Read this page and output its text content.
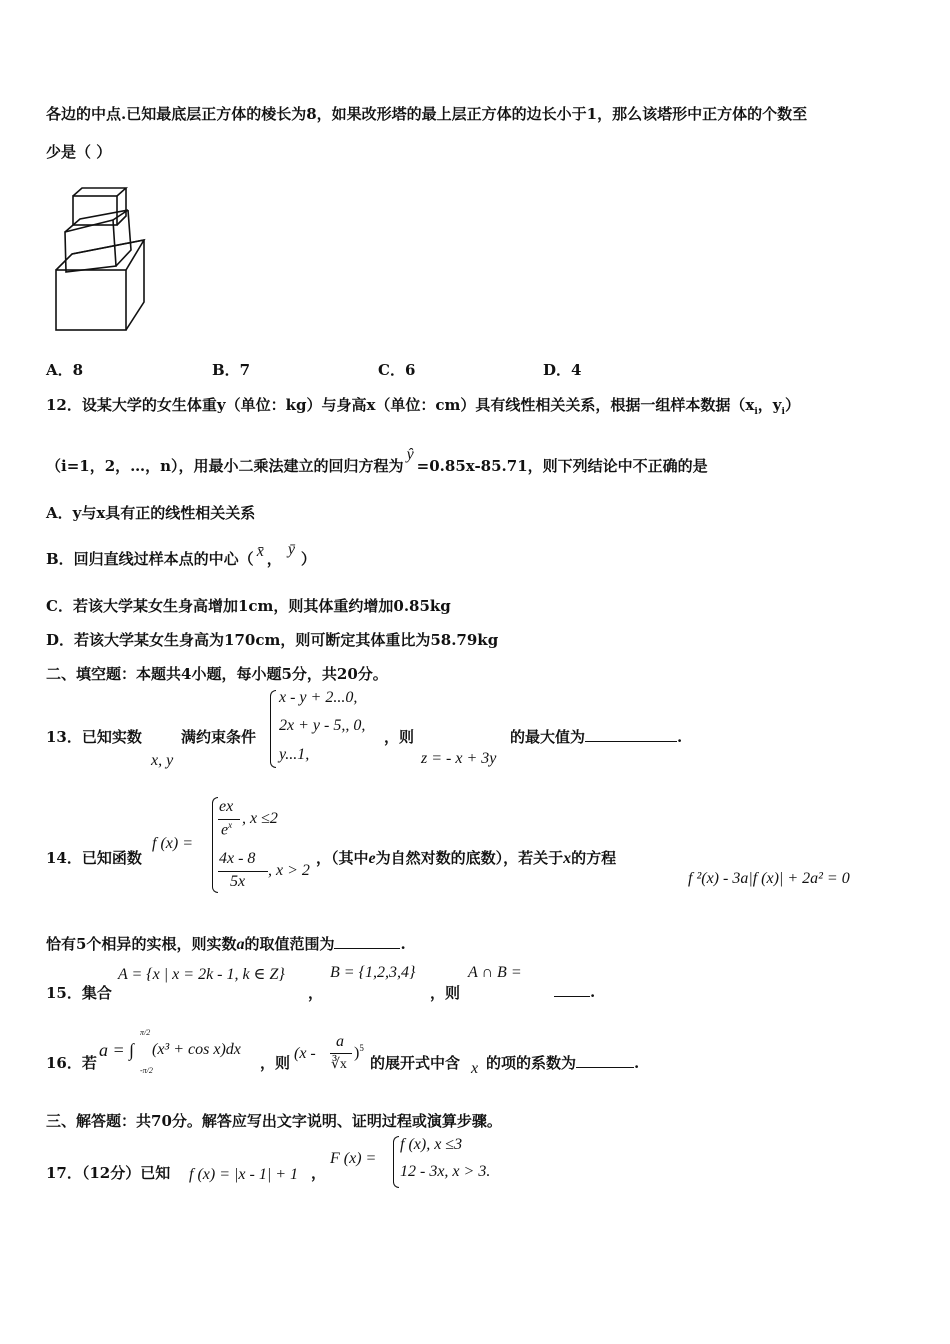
各边的中点.已知最底层正方体的棱长为8，如果改形塔的最上层正方体的边长小于1，那么该塔形中正方体的个数至
少是（ ）
A．8	B．7	C．6	D．4
12．设某大学的女生体重y（单位：kg）与身高x（单位：cm）具有线性相关关系，根据一组样本数据（$x_i$，$y_i$）
（i=1，2，…，n），用最小二乘法建立的回归方程为ŷ=0.85x-85.71，则下列结论中不正确的是
A．y与x具有正的线性相关关系
B．回归直线过样本点的中心（ x̄ ，ȳ）
C．若该大学某女生身高增加1cm，则其体重约增加0.85kg
D．若该大学某女生身高为170cm，则可断定其体重比为58.79kg
二、填空题：本题共4小题，每小题5分，共20分。
13．已知实数
x, y
满约束条件
x - y + 2...0,
2x + y - 5,, 0,
y...1,
，则
z = - x + 3y
的最大值为	.
14．已知函数
f (x) =
ex
$e^x$ , x ≤2
4x - 8
5x
, x > 2
，（其中e为自然对数的底数），若关于x的方程
f ²(x) - 3a|f (x)| + 2a² = 0
恰有5个相异的实根，则实数a的取值范围为	.
15．集合
A = {x | x = 2k - 1, k ∈ Z}
，
B = {1,2,3,4}
，则
A ∩ B =
.
16．若
a = ∫
π/2
-π/2
(x³ + cos x)dx
，则
(x -
a
∛x
)$^5$
的展开式中含 x 的项的系数为	.
三、解答题：共70分。解答应写出文字说明、证明过程或演算步骤。
17．（12分）已知 f (x) = |x - 1| + 1 ，
F (x) =
f (x), x ≤3
12 - 3x, x > 3.
